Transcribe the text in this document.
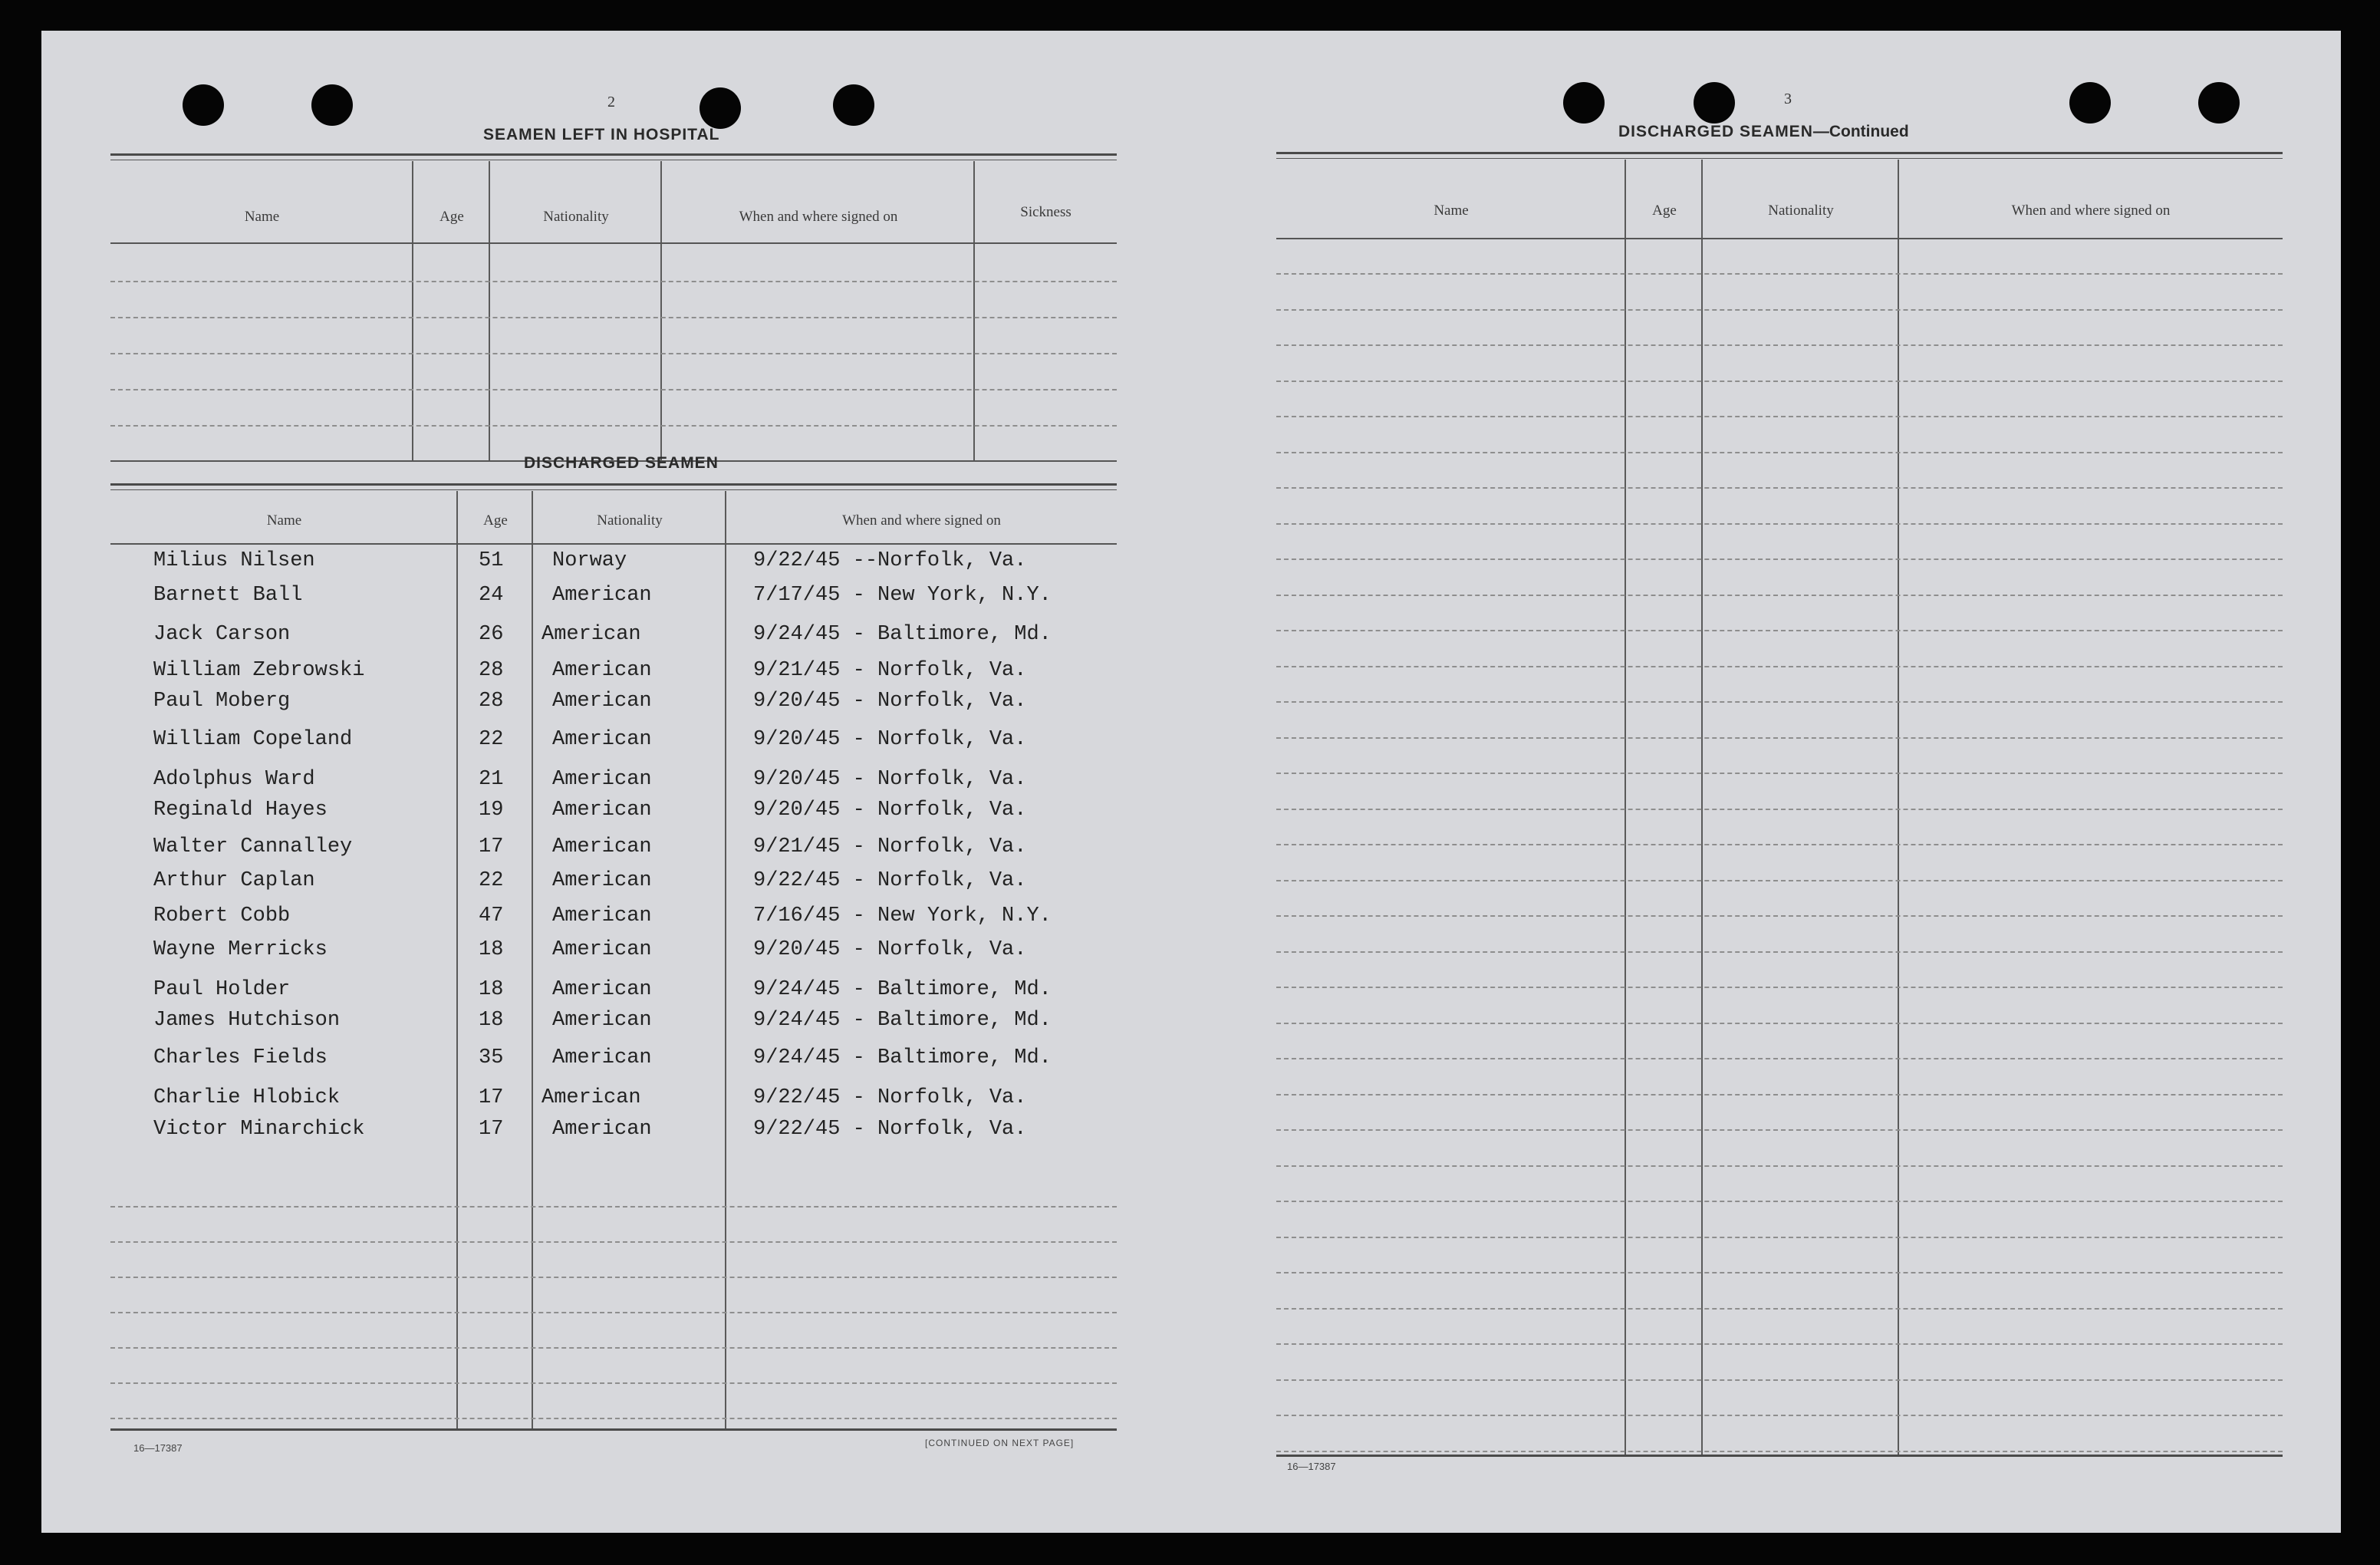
2
SEAMEN LEFT IN HOSPITAL
Name	Age	Nationality	When and where signed on	Sickness
DISCHARGED SEAMEN
Name	Age	Nationality	When and where signed on
Milius Nilsen	51 Norway	9/22/45 --Norfolk, Va.
Barnett Ball	24 American	7/17/45 - New York, N.Y.
Jack Carson	26 American	9/24/45 - Baltimore, Md.
William Zebrowski	28 American	9/21/45 - Norfolk, Va.
Paul Moberg	28 American	9/20/45 - Norfolk, Va.
William Copeland	22 American	9/20/45 - Norfolk, Va.
Adolphus Ward	21 American	9/20/45 - Norfolk, Va.
Reginald Hayes	19 American	9/20/45 - Norfolk, Va.
Walter Cannalley	17 American	9/21/45 - Norfolk, Va.
Arthur Caplan	22 American	9/22/45 - Norfolk, Va.
Robert Cobb	47 American	7/16/45 - New York, N.Y.
Wayne Merricks	18 American	9/20/45 - Norfolk, Va.
Paul Holder	18 American	9/24/45 - Baltimore, Md.
James Hutchison	18 American	9/24/45 - Baltimore, Md.
Charles Fields	35 American	9/24/45 - Baltimore, Md.
Charlie Hlobick	17 American	9/22/45 - Norfolk, Va.
Victor Minarchick	17 American	9/22/45 - Norfolk, Va.
16—17387	[CONTINUED ON NEXT PAGE]
3
DISCHARGED SEAMEN—Continued
Name	Age	Nationality	When and where signed on
16—17387
